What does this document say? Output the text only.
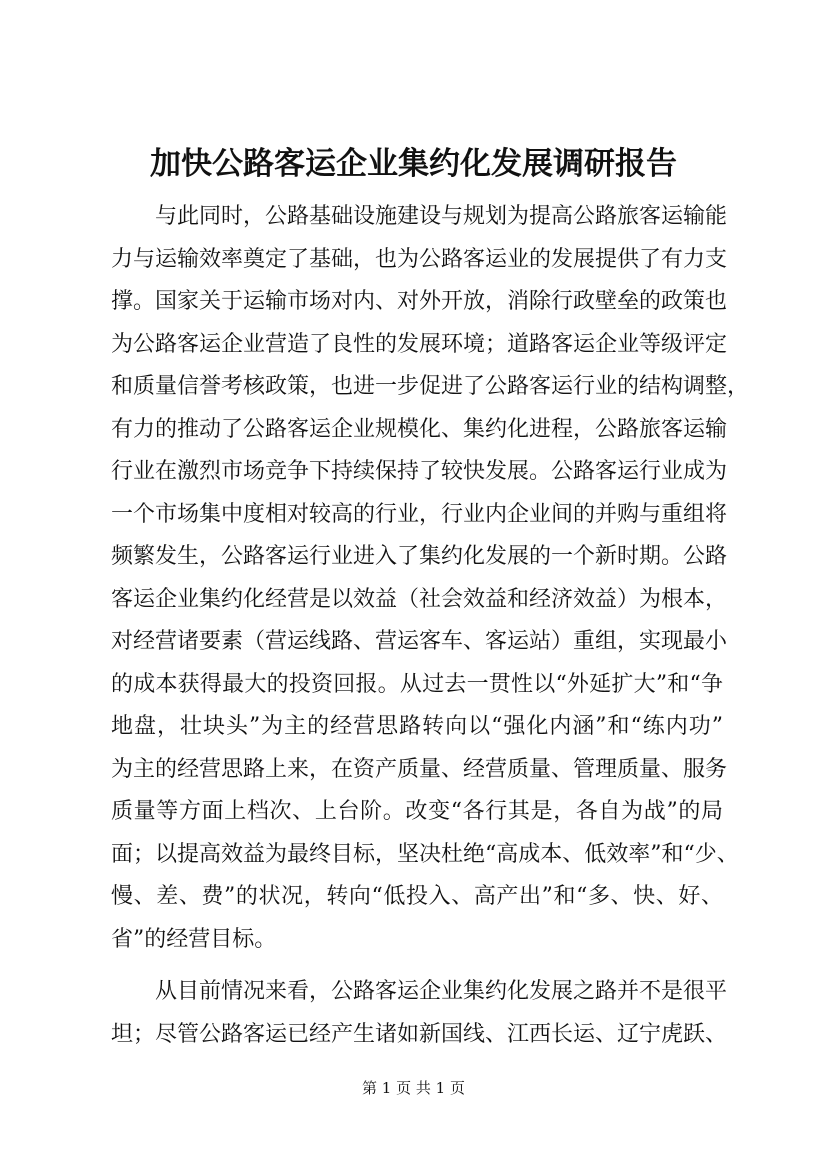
加快公路客运企业集约化发展调研报告
与此同时，公路基础设施建设与规划为提高公路旅客运输能
力与运输效率奠定了基础，也为公路客运业的发展提供了有力支
撑。国家关于运输市场对内、对外开放，消除行政壁垒的政策也
为公路客运企业营造了良性的发展环境；道路客运企业等级评定
和质量信誉考核政策，也进一步促进了公路客运行业的结构调整，
有力的推动了公路客运企业规模化、集约化进程，公路旅客运输
行业在激烈市场竞争下持续保持了较快发展。公路客运行业成为
一个市场集中度相对较高的行业，行业内企业间的并购与重组将
频繁发生，公路客运行业进入了集约化发展的一个新时期。公路
客运企业集约化经营是以效益（社会效益和经济效益）为根本，
对经营诸要素（营运线路、营运客车、客运站）重组，实现最小
的成本获得最大的投资回报。从过去一贯性以“外延扩大”和“争
地盘，壮块头”为主的经营思路转向以“强化内涵”和“练内功”
为主的经营思路上来，在资产质量、经营质量、管理质量、服务
质量等方面上档次、上台阶。改变“各行其是，各自为战”的局
面；以提高效益为最终目标，坚决杜绝“高成本、低效率”和“少、
慢、差、费”的状况，转向“低投入、高产出”和“多、快、好、
省”的经营目标。
从目前情况来看，公路客运企业集约化发展之路并不是很平
坦；尽管公路客运已经产生诸如新国线、江西长运、辽宁虎跃、
第 1 页 共 1 页
